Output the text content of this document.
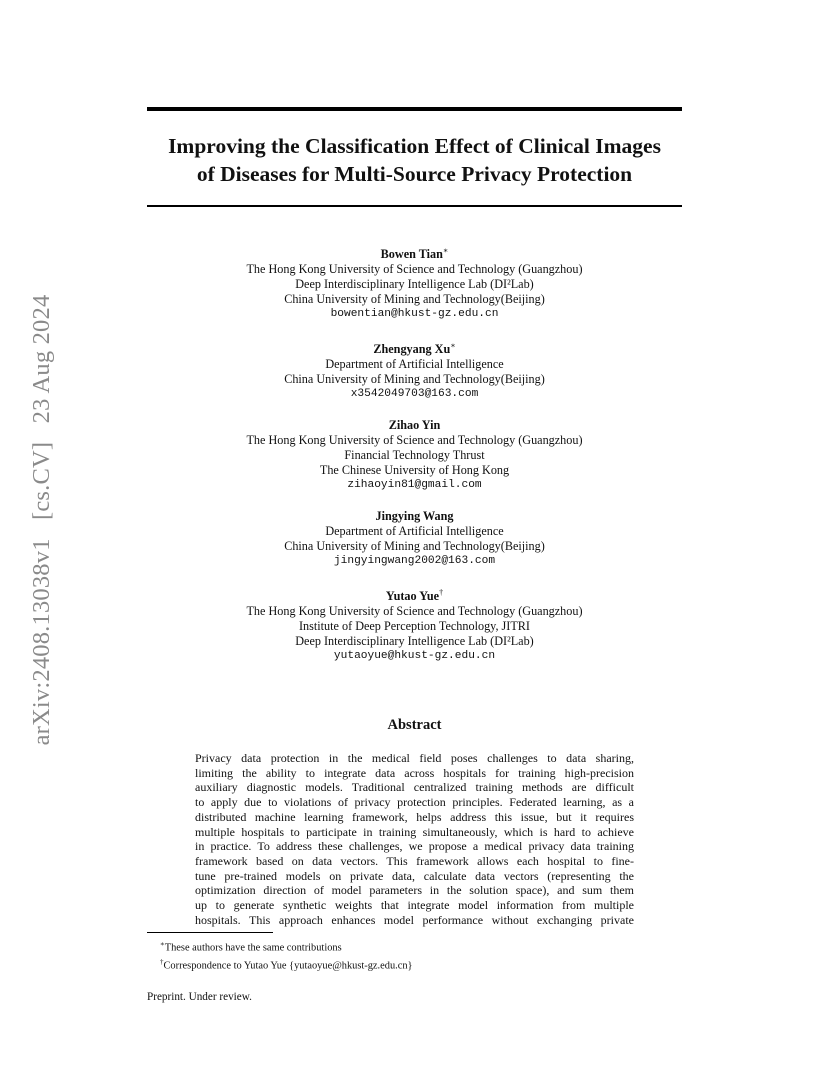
arXiv:2408.13038v1 [cs.CV] 23 Aug 2024
Improving the Classification Effect of Clinical Images
of Diseases for Multi-Source Privacy Protection
Bowen Tian∗
The Hong Kong University of Science and Technology (Guangzhou)
Deep Interdisciplinary Intelligence Lab (DI²Lab)
China University of Mining and Technology(Beijing)
bowentian@hkust-gz.edu.cn
Zhengyang Xu∗
Department of Artificial Intelligence
China University of Mining and Technology(Beijing)
x3542049703@163.com
Zihao Yin
The Hong Kong University of Science and Technology (Guangzhou)
Financial Technology Thrust
The Chinese University of Hong Kong
zihaoyin81@gmail.com
Jingying Wang
Department of Artificial Intelligence
China University of Mining and Technology(Beijing)
jingyingwang2002@163.com
Yutao Yue†
The Hong Kong University of Science and Technology (Guangzhou)
Institute of Deep Perception Technology, JITRI
Deep Interdisciplinary Intelligence Lab (DI²Lab)
yutaoyue@hkust-gz.edu.cn
Abstract
Privacy data protection in the medical field poses challenges to data sharing,
limiting the ability to integrate data across hospitals for training high-precision
auxiliary diagnostic models. Traditional centralized training methods are difficult
to apply due to violations of privacy protection principles. Federated learning, as a
distributed machine learning framework, helps address this issue, but it requires
multiple hospitals to participate in training simultaneously, which is hard to achieve
in practice. To address these challenges, we propose a medical privacy data training
framework based on data vectors. This framework allows each hospital to fine-
tune pre-trained models on private data, calculate data vectors (representing the
optimization direction of model parameters in the solution space), and sum them
up to generate synthetic weights that integrate model information from multiple
hospitals. This approach enhances model performance without exchanging private
∗These authors have the same contributions
†Correspondence to Yutao Yue {yutaoyue@hkust-gz.edu.cn}
Preprint. Under review.
